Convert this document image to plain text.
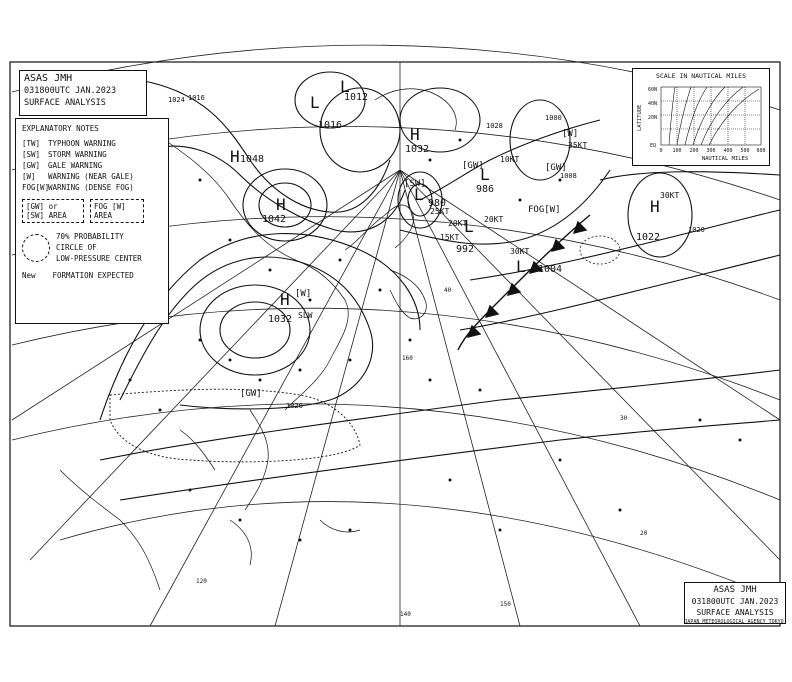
L
1016
L
1012
H
1032
H 1048
H
1042
H
1032
L 980
L
986
L
992
L 1004
H
1022
[SW]
[GW]
[W]
[GW]
FOG[W]
[W]
[GW]
1020
1024 1016
1020
1028
1008
1000
10KT
20KT
30KT
30KT
35KT
25KT
20KT
15KT
SLW
160
140
120
150
40
30
20
ASAS JMH
031800UTC JAN.2023
SURFACE ANALYSIS
EXPLANATORY NOTES
[TW] TYPHOON WARNING
[SW] STORM WARNING
[GW] GALE WARNING
[W] WARNING (NEAR GALE)
FOG[W]WARNING (DENSE FOG)
[GW] or [SW] AREA
FOG [W] AREA
70% PROBABILITY
CIRCLE OF
LOW-PRESSURE CENTER
New FORMATION EXPECTED
SCALE IN NAUTICAL MILES
LATITUDE
60N
40N
20N
EQ
0 100 200 300 400 500 600
NAUTICAL MILES
ASAS JMH
031800UTC JAN.2023
SURFACE ANALYSIS
JAPAN METEOROLOGICAL AGENCY TOKYO
